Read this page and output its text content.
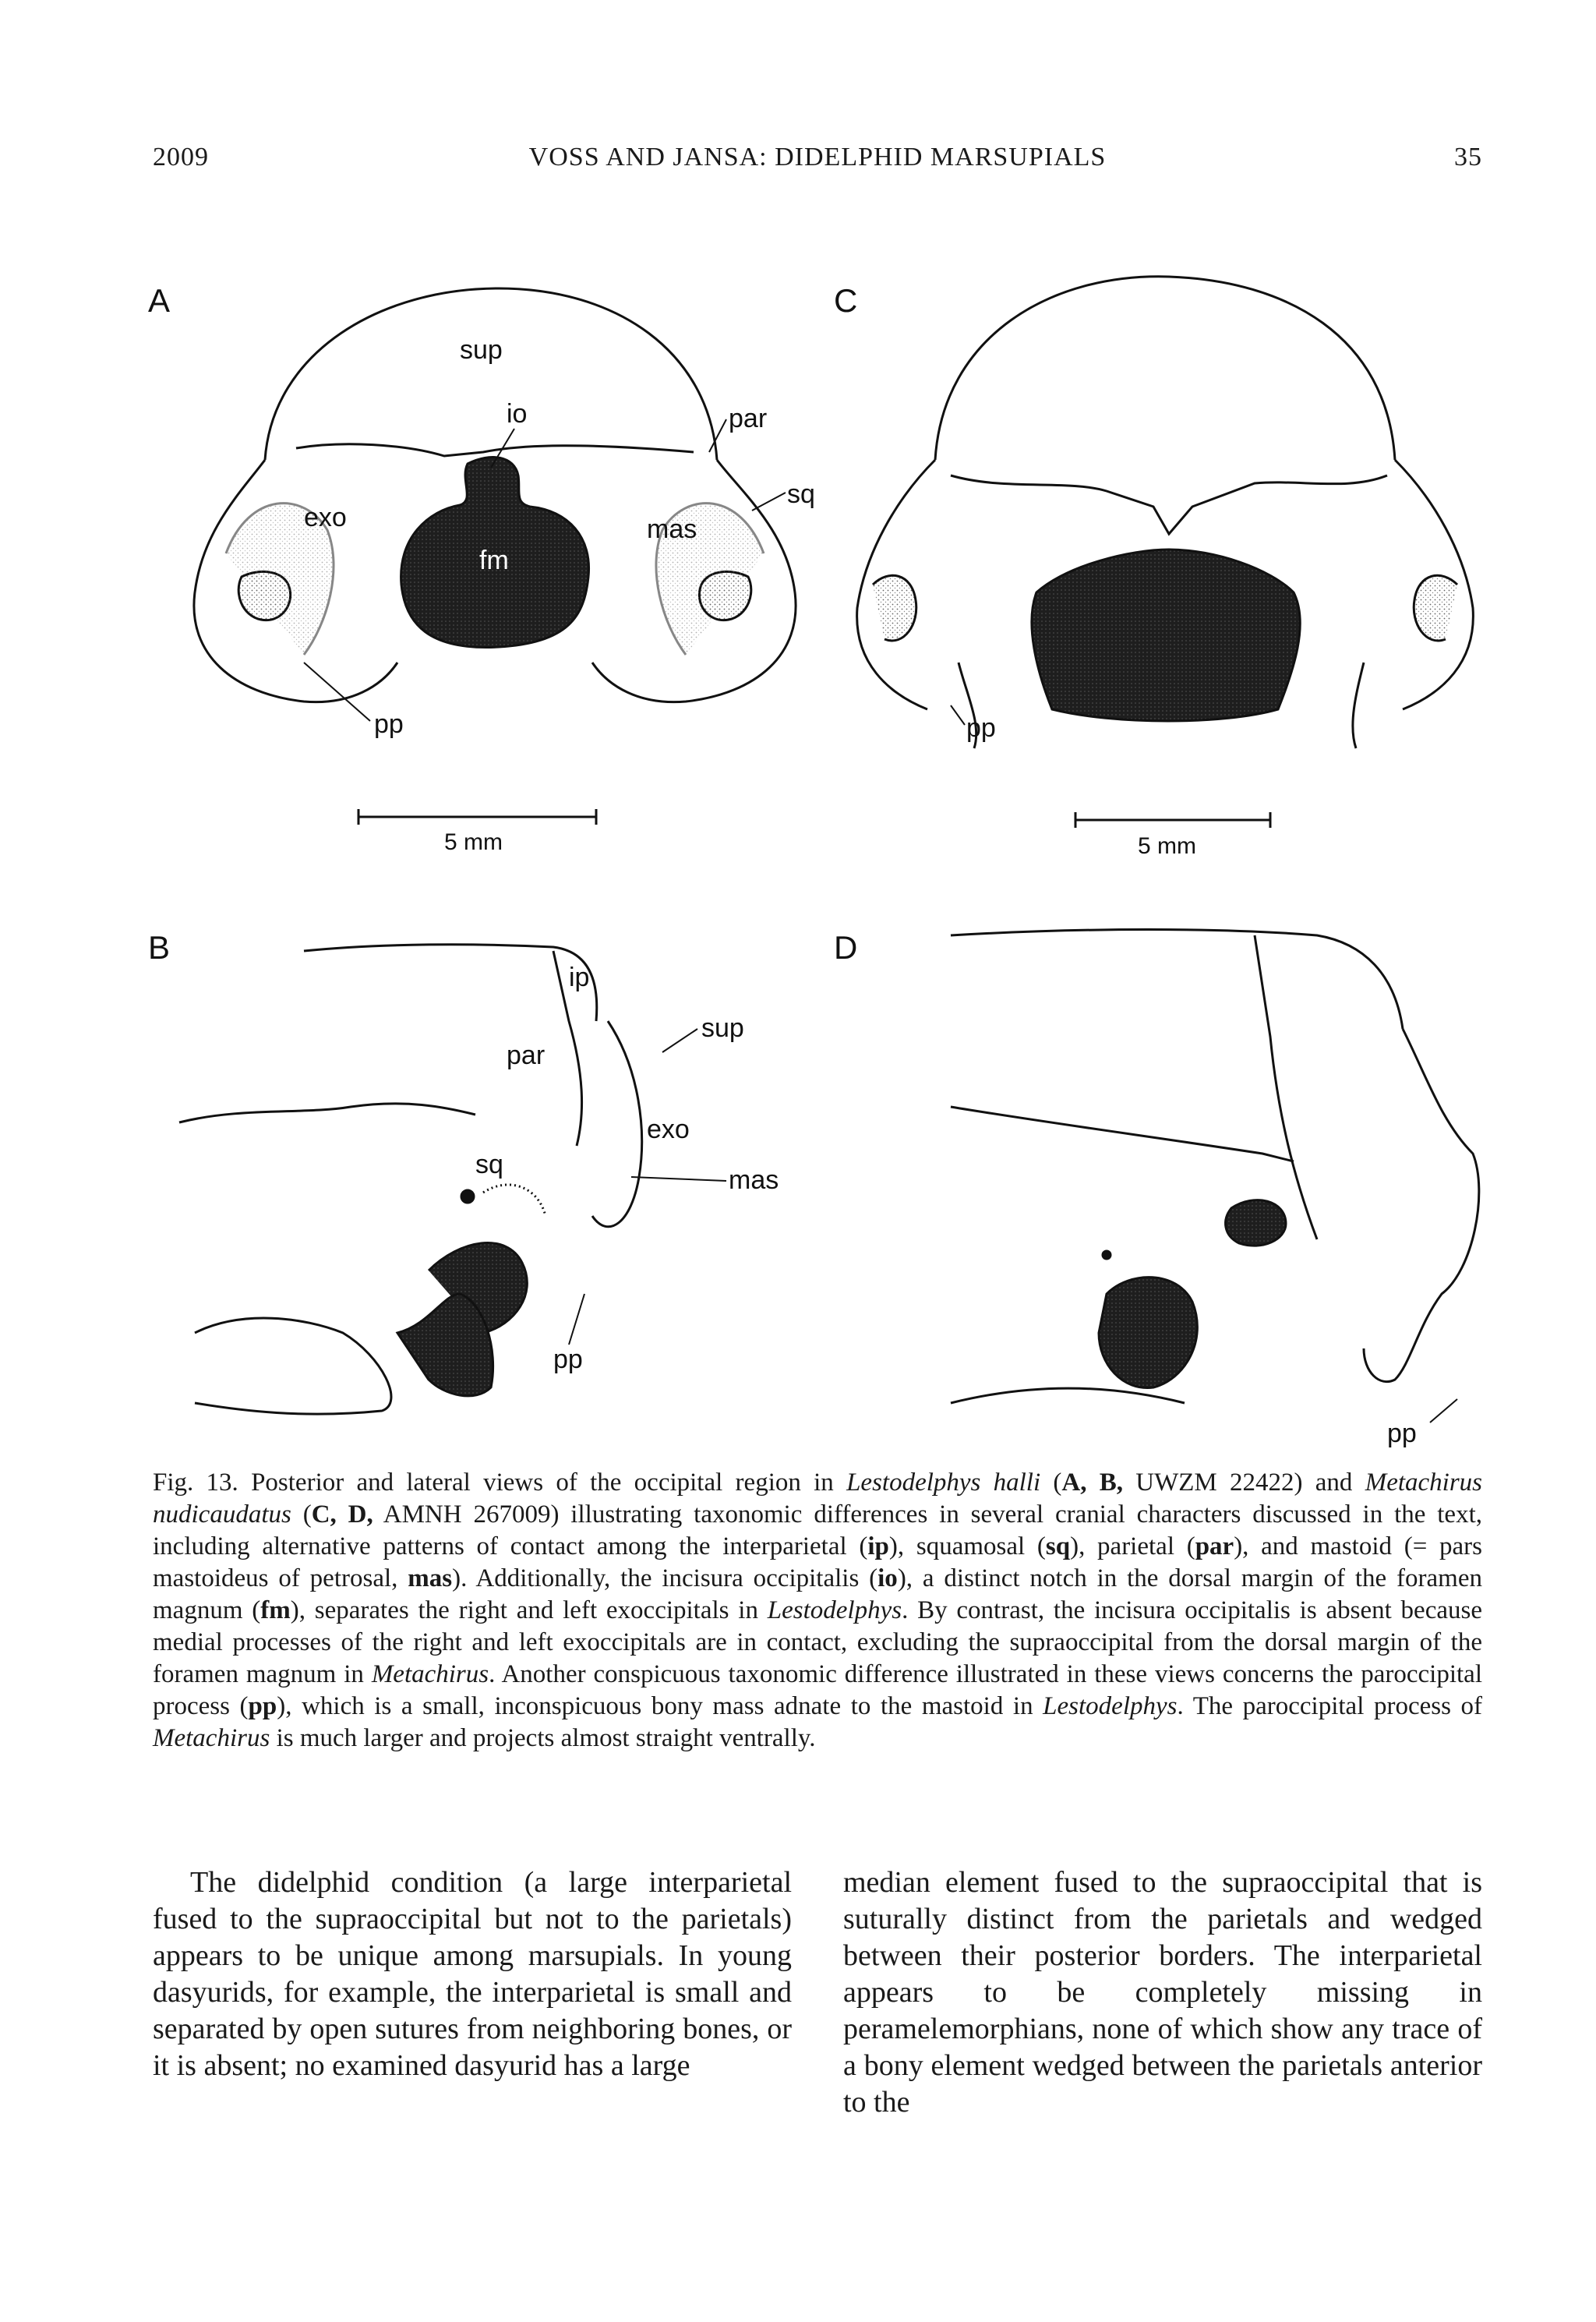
2009	VOSS AND JANSA: DIDELPHID MARSUPIALS	35
A
sup
io	par
sq
exo	mas
fm
pp
5 mm
C
pp
5 mm
B
ip
sup
par
exo
sq
mas
pp
D
pp
Fig. 13. Posterior and lateral views of the occipital region in Lestodelphys halli (A, B, UWZM 22422) and Metachirus nudicaudatus (C, D, AMNH 267009) illustrating taxonomic differences in several cranial characters discussed in the text, including alternative patterns of contact among the interparietal (ip), squamosal (sq), parietal (par), and mastoid (= pars mastoideus of petrosal, mas). Additionally, the incisura occipitalis (io), a distinct notch in the dorsal margin of the foramen magnum (fm), separates the right and left exoccipitals in Lestodelphys. By contrast, the incisura occipitalis is absent because medial processes of the right and left exoccipitals are in contact, excluding the supraoccipital from the dorsal margin of the foramen magnum in Metachirus. Another conspicuous taxonomic difference illustrated in these views concerns the paroccipital process (pp), which is a small, inconspicuous bony mass adnate to the mastoid in Lestodelphys. The paroccipital process of Metachirus is much larger and projects almost straight ventrally.
The didelphid condition (a large interparietal fused to the supraoccipital but not to the parietals) appears to be unique among marsupials. In young dasyurids, for example, the interparietal is small and separated by open sutures from neighboring bones, or it is absent; no examined dasyurid has a large
median element fused to the supraoccipital that is suturally distinct from the parietals and wedged between their posterior borders. The interparietal appears to be completely missing in peramelemorphians, none of which show any trace of a bony element wedged between the parietals anterior to the
